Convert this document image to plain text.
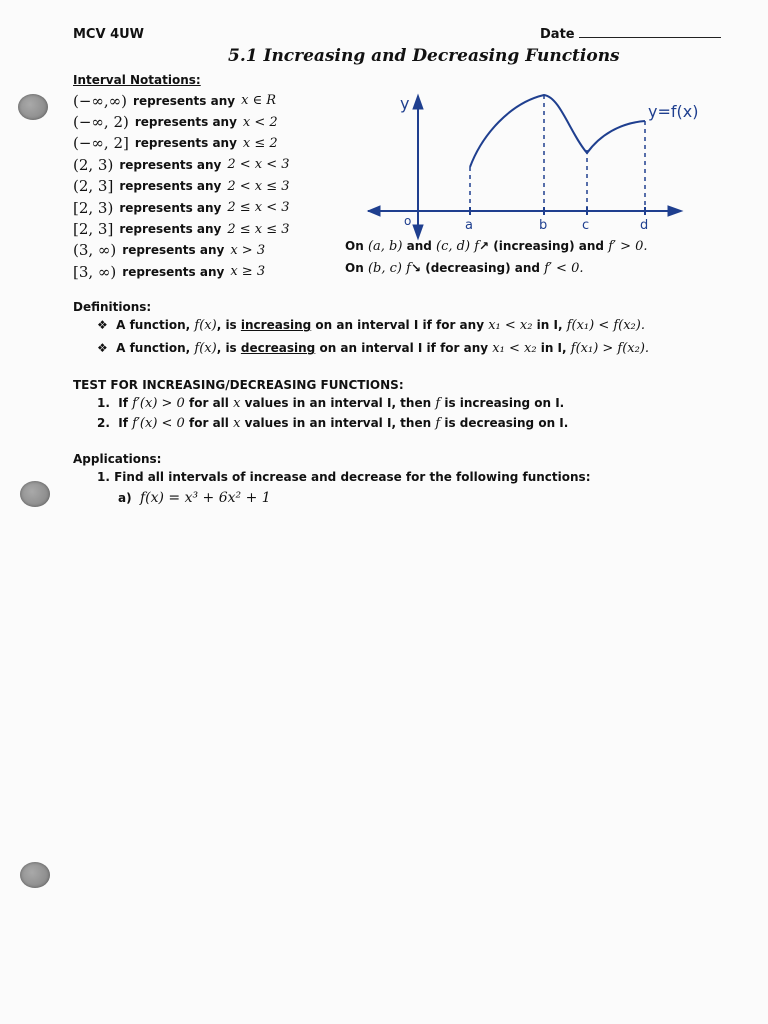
MCV 4UW	Date
5.1 Increasing and Decreasing Functions
Interval Notations:
(−∞,∞) represents any x ∈ R
(−∞, 2) represents any x < 2
(−∞, 2] represents any x ≤ 2
(2, 3) represents any 2 < x < 3
(2, 3] represents any 2 < x ≤ 3
[2, 3) represents any 2 ≤ x < 3
[2, 3] represents any 2 ≤ x ≤ 3
(3, ∞) represents any x > 3
[3, ∞) represents any x ≥ 3
y
o	a	b	c	d
y=f(x)
On (a, b) and (c, d) f↗ (increasing) and f′ > 0.
On (b, c) f↘ (decreasing) and f′ < 0.
Definitions:
❖ A function, f(x), is increasing on an interval I if for any x₁ < x₂ in I, f(x₁) < f(x₂).
❖ A function, f(x), is decreasing on an interval I if for any x₁ < x₂ in I, f(x₁) > f(x₂).
TEST FOR INCREASING/DECREASING FUNCTIONS:
1. If f′(x) > 0 for all x values in an interval I, then f is increasing on I.
2. If f′(x) < 0 for all x values in an interval I, then f is decreasing on I.
Applications:
1. Find all intervals of increase and decrease for the following functions:
a) f(x) = x³ + 6x² + 1
